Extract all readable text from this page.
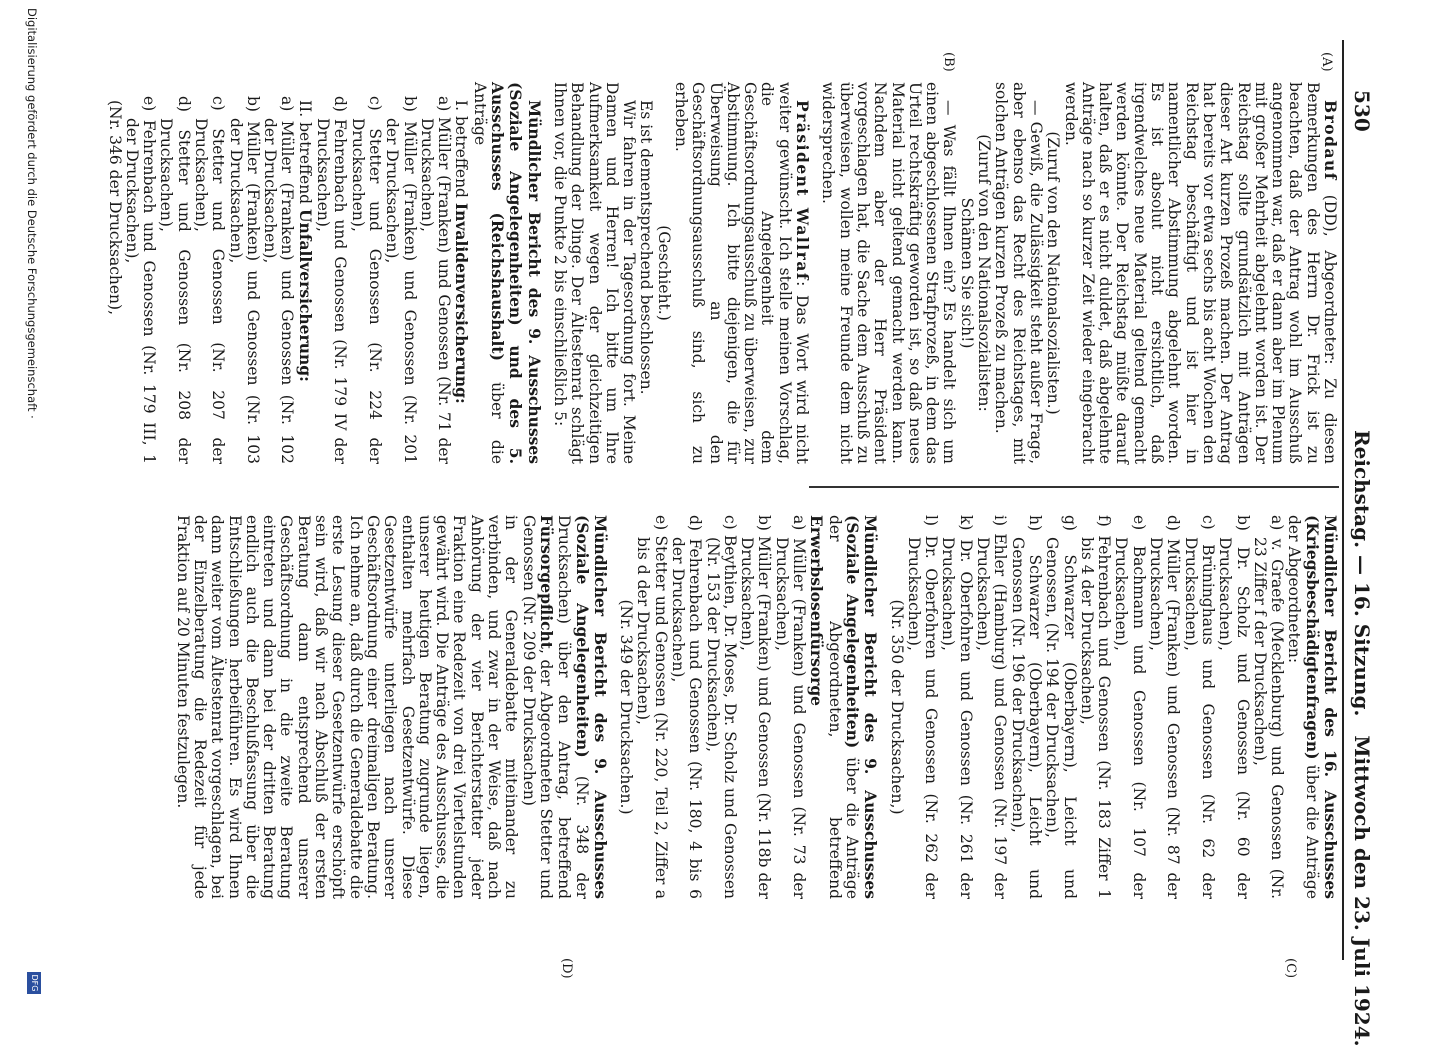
530
Reichstag. — 16. Sitzung. Mittwoch den 23. Juli 1924.
(A)
(B)
(C)
(D)

Brodauf (DD), Abgeordneter: Zu diesen Bemerkungen des Herrn Dr. Frick ist zu beachten, daß der Antrag wohl im Ausschuß angenommen war, daß er dann aber im Plenum mit großer Mehrheit abgelehnt worden ist. Der Reichstag sollte grundsätzlich mit Anträgen dieser Art kurzen Prozeß machen. Der Antrag hat bereits vor etwa sechs bis acht Wochen den Reichstag beschäftigt und ist hier in namentlicher Abstimmung abgelehnt worden. Es ist absolut nicht ersichtlich, daß irgendwelches neue Material geltend gemacht werden könnte. Der Reichstag müßte darauf halten, daß er es nicht duldet, daß abgelehnte Anträge nach so kurzer Zeit wieder eingebracht werden.

(Zuruf von den Nationalsozialisten.)

— Gewiß, die Zulässigkeit steht außer Frage, aber ebenso das Recht des Reichstages, mit solchen Anträgen kurzen Prozeß zu machen.

(Zuruf von den Nationalsozialisten:

Schämen Sie sich!)

— Was fällt Ihnen ein? Es handelt sich um einen abgeschlossenen Strafprozeß, in dem das Urteil rechtskräftig geworden ist, so daß neues Material nicht geltend gemacht werden kann. Nachdem aber der Herr Präsident vorgeschlagen hat, die Sache dem Ausschuß zu überweisen, wollen meine Freunde dem nicht widersprechen.

Präsident Wallraf: Das Wort wird nicht weiter gewünscht. Ich stelle meinen Vorschlag, die Angelegenheit dem Geschäftsordnungsausschuß zu überweisen, zur Abstimmung. Ich bitte diejenigen, die für Überweisung an den Geschäftsordnungsausschuß sind, sich zu erheben.

(Geschieht.)

Es ist dementsprechend beschlossen.

Wir fahren in der Tagesordnung fort. Meine Damen und Herren! Ich bitte um Ihre Aufmerksamkeit wegen der gleichzeitigen Behandlung der Dinge. Der Ältestenrat schlägt Ihnen vor, die Punkte 2 bis einschließlich 5:

Mündlicher Bericht des 9. Ausschusses (Soziale Angelegenheiten) und des 5. Ausschusses (Reichshaushalt) über die Anträge

I. betreffend Invalidenversicherung:

a) Müller (Franken) und Genossen (Nr. 71 der Drucksachen),

b) Müller (Franken) und Genossen (Nr. 201 der Drucksachen),

c) Stetter und Genossen (Nr. 224 der Drucksachen),

d) Fehrenbach und Genossen (Nr. 179 IV der Drucksachen),

II. betreffend Unfallversicherung:

a) Müller (Franken) und Genossen (Nr. 102 der Drucksachen),

b) Müller (Franken) und Genossen (Nr. 103 der Drucksachen),

c) Stetter und Genossen (Nr. 207 der Drucksachen),

d) Stetter und Genossen (Nr. 208 der Drucksachen),

e) Fehrenbach und Genossen (Nr. 179 III, 1 der Drucksachen),

(Nr. 346 der Drucksachen),

Mündlicher Bericht des 16. Ausschusses (Kriegsbeschädigtenfragen) über die Anträge der Abgeordneten:

a) v. Graefe (Mecklenburg) und Genossen (Nr. 23 Ziffer f der Drucksachen),

b) Dr. Scholz und Genossen (Nr. 60 der Drucksachen),

c) Brüninghaus und Genossen (Nr. 62 der Drucksachen),

d) Müller (Franken) und Genossen (Nr. 87 der Drucksachen),

e) Bachmann und Genossen (Nr. 107 der Drucksachen),

f) Fehrenbach und Genossen (Nr. 183 Ziffer 1 bis 4 der Drucksachen),

g) Schwarzer (Oberbayern), Leicht und Genossen, (Nr. 194 der Drucksachen),

h) Schwarzer (Oberbayern), Leicht und Genossen (Nr. 196 der Drucksachen),

i) Ehler (Hamburg) und Genossen (Nr. 197 der Drucksachen),

k) Dr. Oberfohren und Genossen (Nr. 261 der Drucksachen),

l) Dr. Oberfohren und Genossen (Nr. 262 der Drucksachen),

(Nr. 350 der Drucksachen,)

Mündlicher Bericht des 9. Ausschusses (Soziale Angelegenheiten) über die Anträge der Abgeordneten, betreffend Erwerbslosenfürsorge

a) Müller (Franken) und Genossen (Nr. 73 der Drucksachen),

b) Müller (Franken) und Genossen (Nr. 118b der Drucksachen),

c) Beythien, Dr. Moses, Dr. Scholz und Genossen (Nr. 153 der Drucksachen),

d) Fehrenbach und Genossen (Nr. 180, 4 bis 6 der Drucksachen),

e) Stetter und Genossen (Nr. 220, Teil 2, Ziffer a bis d der Drucksachen),

(Nr. 349 der Drucksachen.)

Mündlicher Bericht des 9. Ausschusses (Soziale Angelegenheiten) (Nr. 348 der Drucksachen) über den Antrag, betreffend Fürsorgepflicht, der Abgeordneten Stetter und Genossen (Nr. 209 der Drucksachen)

in der Generaldebatte miteinander zu verbinden, und zwar in der Weise, daß nach Anhörung der vier Berichterstatter jeder Fraktion eine Redezeit von drei Viertelstunden gewährt wird. Die Anträge des Ausschusses, die unserer heutigen Beratung zugrunde liegen, enthalten mehrfach Gesetzentwürfe. Diese Gesetzentwürfe unterliegen nach unserer Geschäftsordnung einer dreimaligen Beratung. Ich nehme an, daß durch die Generaldebatte die erste Lesung dieser Gesetzentwürfe erschöpft sein wird, daß wir nach Abschluß der ersten Beratung dann entsprechend unserer Geschäftsordnung in die zweite Beratung eintreten und dann bei der dritten Beratung endlich auch die Beschlußfassung über die Entschließungen herbeiführen. Es wird Ihnen dann weiter vom Ältestenrat vorgeschlagen, bei der Einzelberatung die Redezeit für jede Fraktion auf 20 Minuten festzulegen.

Digitalisierung gefördert durch die Deutsche Forschungsgemeinschaft ·
DFG
